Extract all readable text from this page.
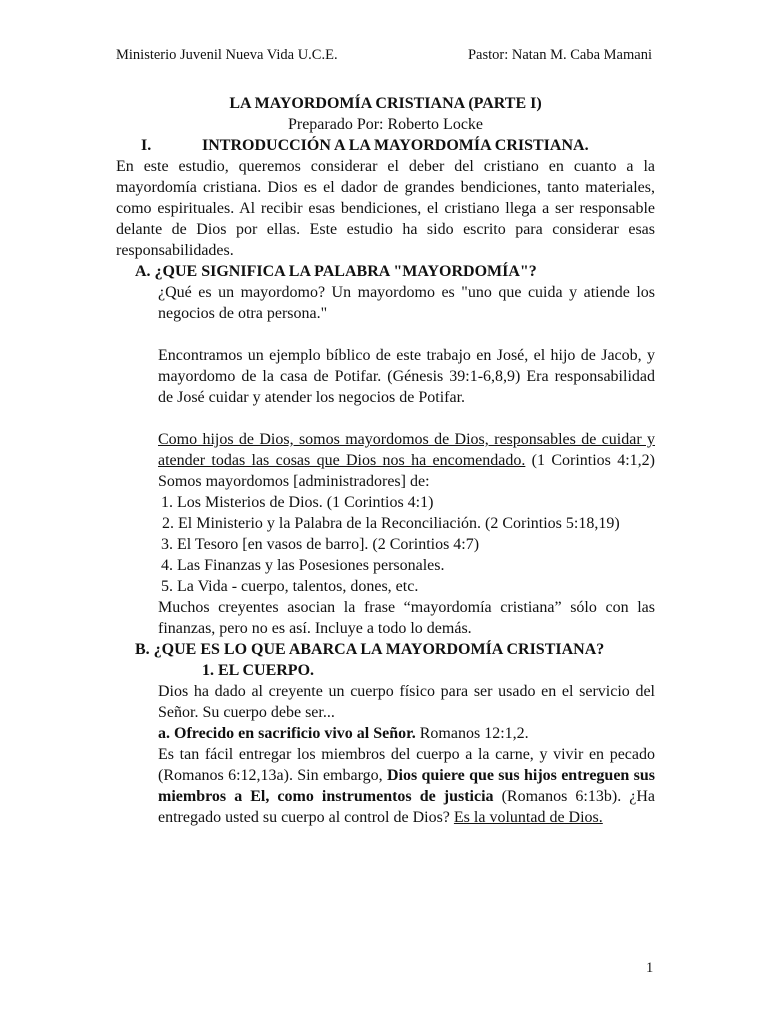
Ministerio Juvenil Nueva Vida U.C.E.	Pastor: Natan M. Caba Mamani
LA MAYORDOMÍA CRISTIANA (PARTE I)
Preparado Por: Roberto Locke
I.	INTRODUCCIÓN A LA MAYORDOMÍA CRISTIANA.
En este estudio, queremos considerar el deber del cristiano en cuanto a la mayordomía cristiana. Dios es el dador de grandes bendiciones, tanto materiales, como espirituales. Al recibir esas bendiciones, el cristiano llega a ser responsable delante de Dios por ellas. Este estudio ha sido escrito para considerar esas responsabilidades.
A. ¿QUE SIGNIFICA LA PALABRA "MAYORDOMÍA"?
¿Qué es un mayordomo? Un mayordomo es "uno que cuida y atiende los negocios de otra persona."
Encontramos un ejemplo bíblico de este trabajo en José, el hijo de Jacob, y mayordomo de la casa de Potifar. (Génesis 39:1-6,8,9) Era responsabilidad de José cuidar y atender los negocios de Potifar.
Como hijos de Dios, somos mayordomos de Dios, responsables de cuidar y atender todas las cosas que Dios nos ha encomendado. (1 Corintios 4:1,2) Somos mayordomos [administradores] de:
1. Los Misterios de Dios. (1 Corintios 4:1)
2. El Ministerio y la Palabra de la Reconciliación. (2 Corintios 5:18,19)
3. El Tesoro [en vasos de barro]. (2 Corintios 4:7)
4. Las Finanzas y las Posesiones personales.
5. La Vida - cuerpo, talentos, dones, etc.
Muchos creyentes asocian la frase “mayordomía cristiana” sólo con las finanzas, pero no es así. Incluye a todo lo demás.
B. ¿QUE ES LO QUE ABARCA LA MAYORDOMÍA CRISTIANA?
1. EL CUERPO.
Dios ha dado al creyente un cuerpo físico para ser usado en el servicio del Señor. Su cuerpo debe ser...
a. Ofrecido en sacrificio vivo al Señor. Romanos 12:1,2.
Es tan fácil entregar los miembros del cuerpo a la carne, y vivir en pecado (Romanos 6:12,13a). Sin embargo, Dios quiere que sus hijos entreguen sus miembros a El, como instrumentos de justicia (Romanos 6:13b). ¿Ha entregado usted su cuerpo al control de Dios? Es la voluntad de Dios.
1
